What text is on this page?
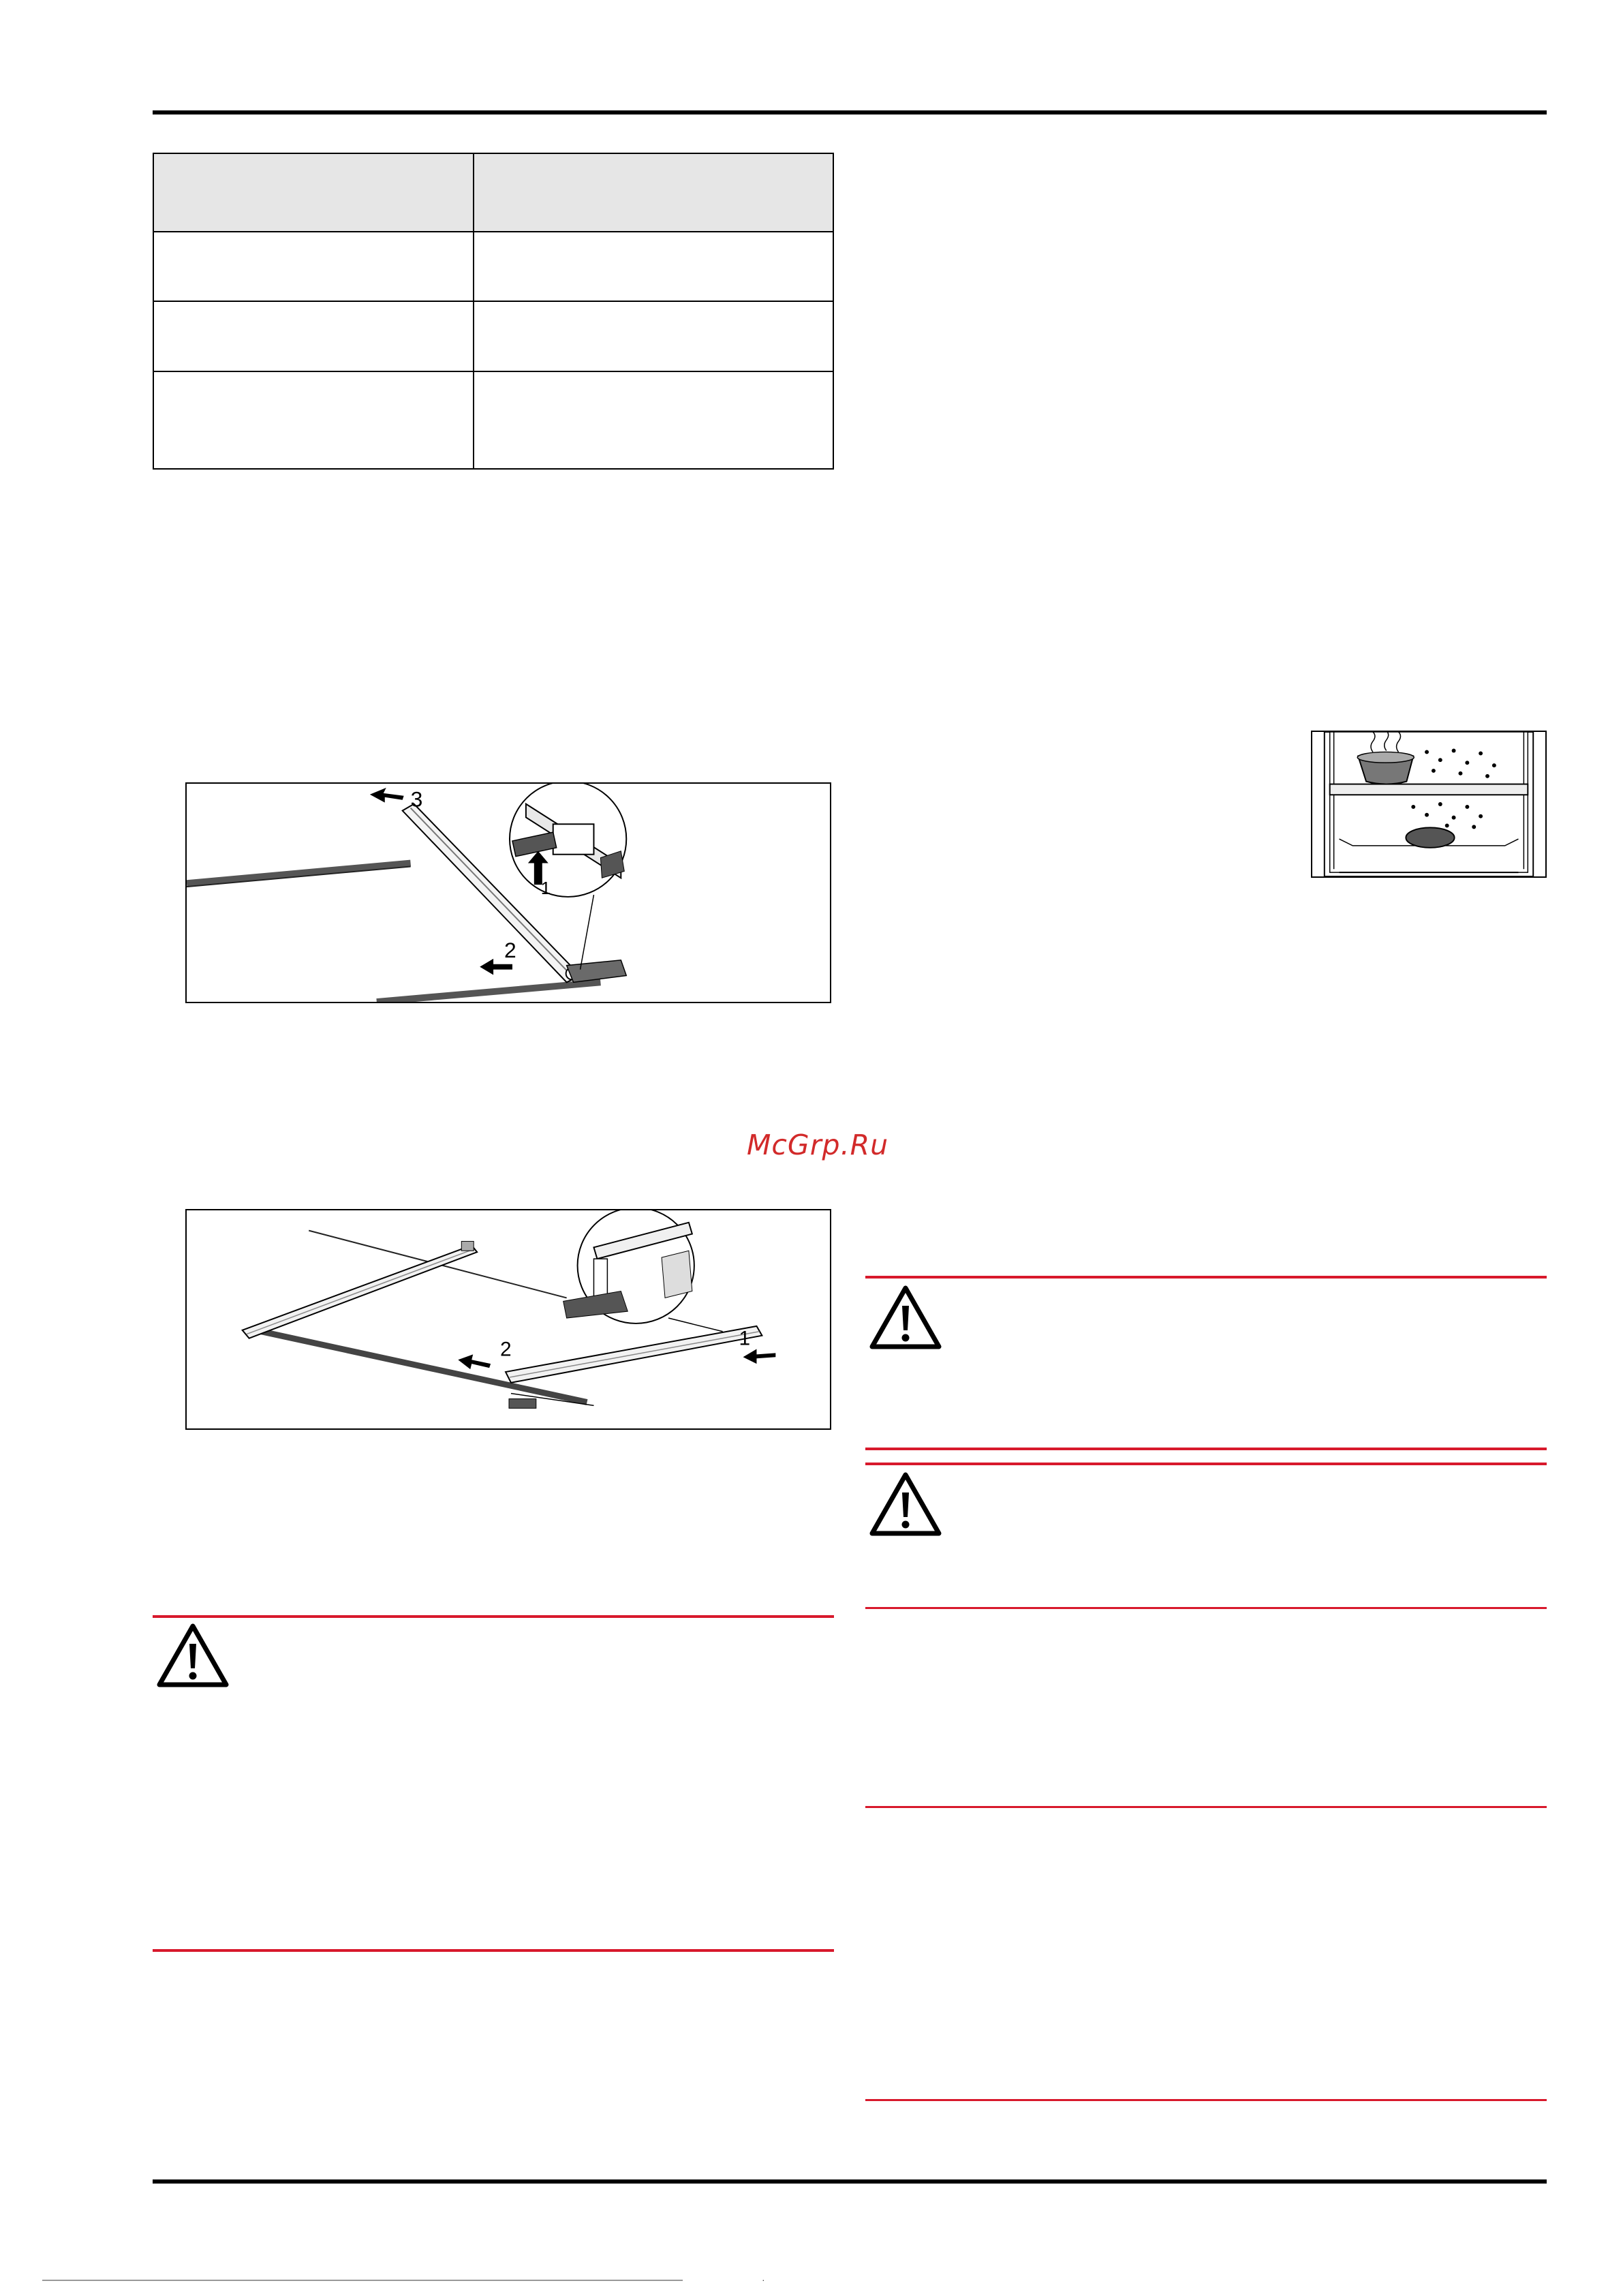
3
1
2
2	1
McGrp.Ru
·
